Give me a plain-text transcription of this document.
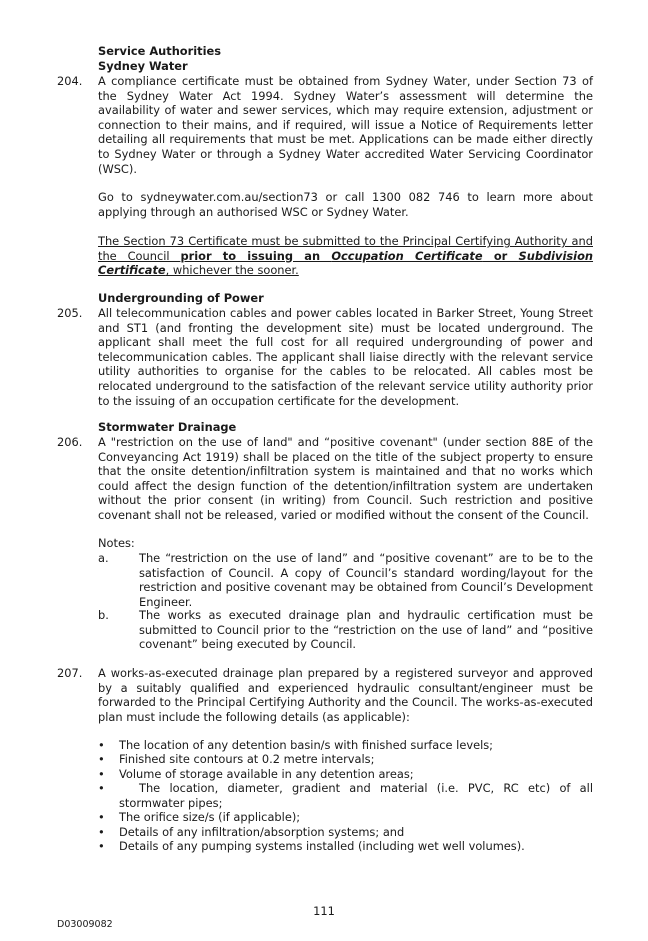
Service Authorities
Sydney Water
204. A compliance certificate must be obtained from Sydney Water, under Section 73 of the Sydney Water Act 1994. Sydney Water’s assessment will determine the availability of water and sewer services, which may require extension, adjustment or connection to their mains, and if required, will issue a Notice of Requirements letter detailing all requirements that must be met. Applications can be made either directly to Sydney Water or through a Sydney Water accredited Water Servicing Coordinator (WSC).
Go to sydneywater.com.au/section73 or call 1300 082 746 to learn more about applying through an authorised WSC or Sydney Water.
The Section 73 Certificate must be submitted to the Principal Certifying Authority and the Council prior to issuing an Occupation Certificate or Subdivision Certificate, whichever the sooner.
Undergrounding of Power
205. All telecommunication cables and power cables located in Barker Street, Young Street and ST1 (and fronting the development site) must be located underground. The applicant shall meet the full cost for all required undergrounding of power and telecommunication cables. The applicant shall liaise directly with the relevant service utility authorities to organise for the cables to be relocated. All cables most be relocated underground to the satisfaction of the relevant service utility authority prior to the issuing of an occupation certificate for the development.
Stormwater Drainage
206. A "restriction on the use of land" and “positive covenant" (under section 88E of the Conveyancing Act 1919) shall be placed on the title of the subject property to ensure that the onsite detention/infiltration system is maintained and that no works which could affect the design function of the detention/infiltration system are undertaken without the prior consent (in writing) from Council. Such restriction and positive covenant shall not be released, varied or modified without the consent of the Council.
Notes:
a.	The “restriction on the use of land” and “positive covenant” are to be to the satisfaction of Council. A copy of Council’s standard wording/layout for the restriction and positive covenant may be obtained from Council’s Development Engineer.
b.	The works as executed drainage plan and hydraulic certification must be submitted to Council prior to the “restriction on the use of land” and “positive covenant” being executed by Council.
207. A works-as-executed drainage plan prepared by a registered surveyor and approved by a suitably qualified and experienced hydraulic consultant/engineer must be forwarded to the Principal Certifying Authority and the Council. The works-as-executed plan must include the following details (as applicable):
• The location of any detention basin/s with finished surface levels;
• Finished site contours at 0.2 metre intervals;
• Volume of storage available in any detention areas;
•	The location, diameter, gradient and material (i.e. PVC, RC etc) of all
stormwater pipes;
• The orifice size/s (if applicable);
• Details of any infiltration/absorption systems; and
• Details of any pumping systems installed (including wet well volumes).
111
D03009082
